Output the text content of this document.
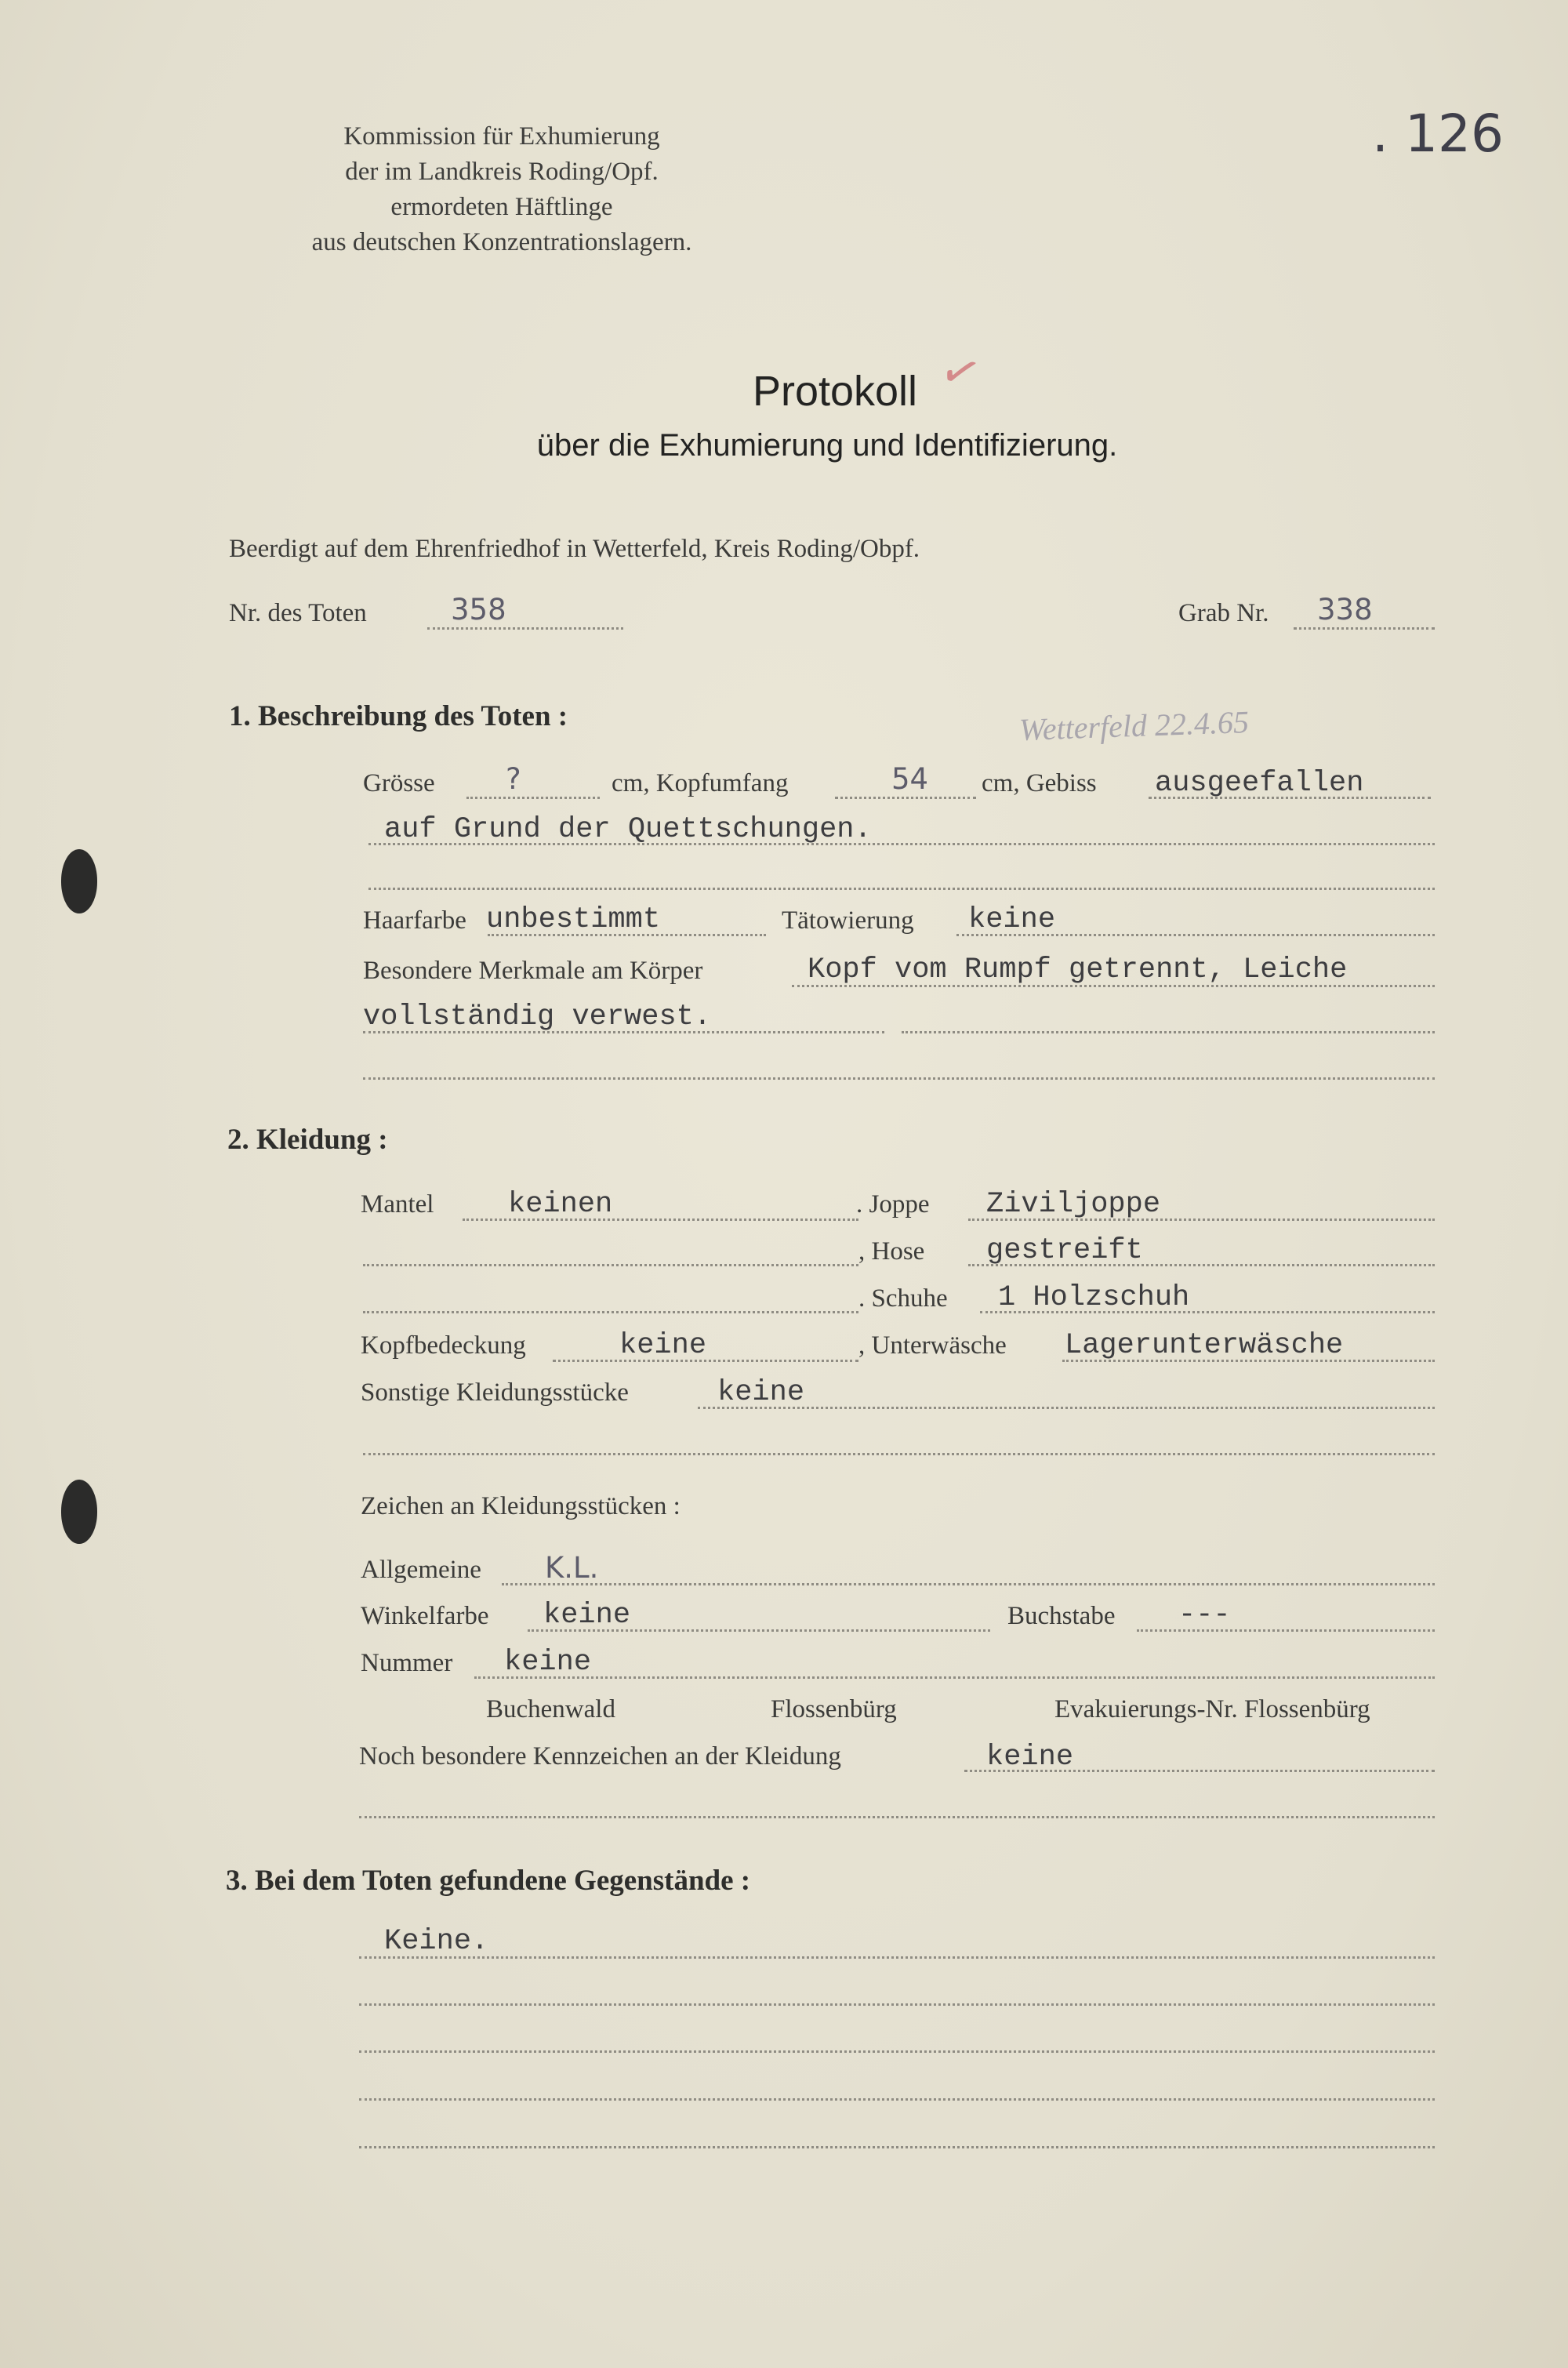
Kommission für Exhumierung
der im Landkreis Roding/Opf.
ermordeten Häftlinge
aus deutschen Konzentrationslagern.
. 126
Protokoll ✓
über die Exhumierung und Identifizierung.
Beerdigt auf dem Ehrenfriedhof in Wetterfeld, Kreis Roding/Obpf.
Nr. des Toten	358	Grab Nr. 338
1. Beschreibung des Toten :	Wetterfeld 22.4.65
Grösse ?	cm, Kopfumfang	54 cm, Gebiss ausgeefallen
auf Grund der Quettschungen.
Haarfarbe unbestimmt	Tätowierung keine
Besondere Merkmale am Körper	Kopf vom Rumpf getrennt, Leiche
vollständig verwest.
2. Kleidung :
Mantel	keinen	. Joppe Ziviljoppe
, Hose gestreift
. Schuhe 1 Holzschuh
Kopfbedeckung	keine	, Unterwäsche Lagerunterwäsche
Sonstige Kleidungsstücke	keine
Zeichen an Kleidungsstücken :
Allgemeine K.L.
Winkelfarbe keine	Buchstabe ---
Nummer keine
Buchenwald	Flossenbürg	Evakuierungs-Nr. Flossenbürg
Noch besondere Kennzeichen an der Kleidung	keine
3. Bei dem Toten gefundene Gegenstände :
Keine.
